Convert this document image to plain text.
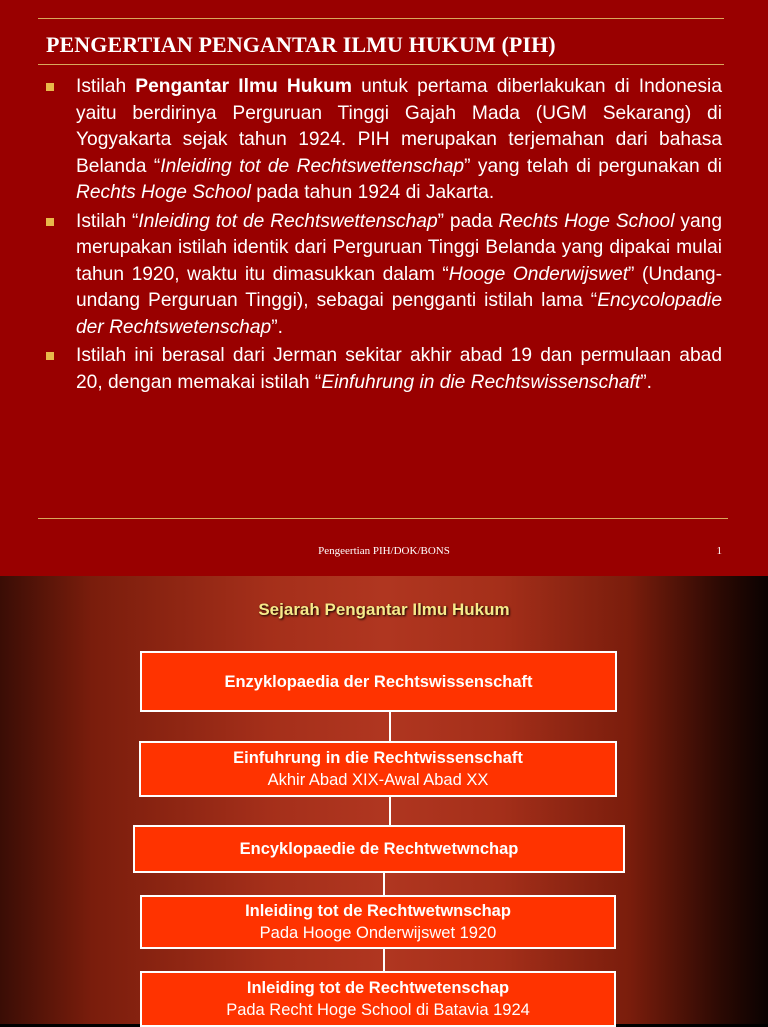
PENGERTIAN PENGANTAR ILMU HUKUM (PIH)
Istilah Pengantar Ilmu Hukum untuk pertama diberlakukan di Indonesia yaitu berdirinya Perguruan Tinggi Gajah Mada (UGM Sekarang) di Yogyakarta sejak tahun 1924. PIH merupakan terjemahan dari bahasa Belanda “Inleiding tot de Rechtswettenschap” yang telah di pergunakan di Rechts Hoge School pada tahun 1924 di Jakarta.
Istilah “Inleiding tot de Rechtswettenschap” pada Rechts Hoge School yang merupakan istilah identik dari Perguruan Tinggi Belanda yang dipakai mulai tahun 1920, waktu itu dimasukkan dalam “Hooge Onderwijswet” (Undang-undang Perguruan Tinggi), sebagai pengganti istilah lama “Encycolopadie der Rechtswetenschap”.
Istilah ini berasal dari Jerman sekitar akhir abad 19 dan permulaan abad 20, dengan memakai istilah “Einfuhrung in die Rechtswissenschaft”.
Pengeertian PIH/DOK/BONS	1
Sejarah Pengantar Ilmu Hukum
Enzyklopaedia der Rechtswissenschaft
Einfuhrung in die Rechtwissenschaft
Akhir Abad XIX-Awal Abad XX
Encyklopaedie de Rechtwetwnchap
Inleiding tot de Rechtwetwnschap
Pada Hooge Onderwijswet 1920
Inleiding tot de Rechtwetenschap
Pada Recht Hoge School di Batavia 1924
